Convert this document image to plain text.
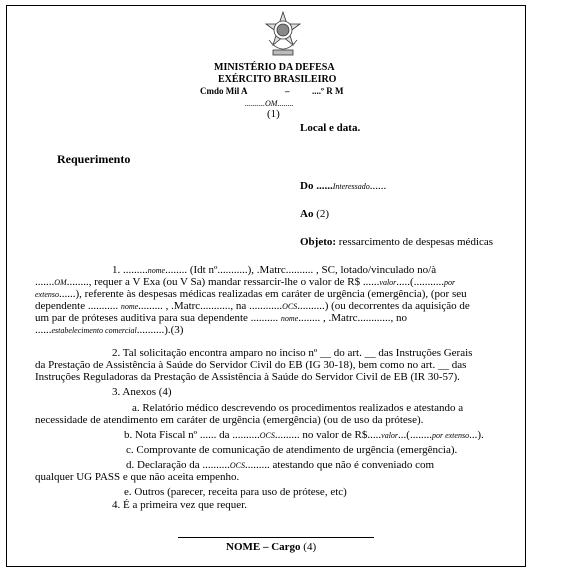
MINISTÉRIO DA DEFESA
EXÉRCITO BRASILEIRO
Cmdo Mil A	–	....º R M
..........OM........
(1)
Local e data.
Requerimento
Do ......Interessado......
Ao (2)
Objeto: ressarcimento de despesas médicas
1. .........nome........ (Idt nº...........), .Matrc.......... , SC, lotado/vinculado no/à
.......OM........, requer a V Exa (ou V Sa) mandar ressarcir-lhe o valor de R$ ......valor.....(...........por
extenso......), referente às despesas médicas realizadas em caráter de urgência (emergência), (por seu
dependente ........... nome......... , .Matrc..........., na ............OCS..........) (ou decorrentes da aquisição de
um par de próteses auditiva para sua dependente .......... nome........ , .Matrc............, no
......estabelecimento comercial..........).(3)
2. Tal solicitação encontra amparo no inciso nº __ do art. __ das Instruções Gerais
da Prestação de Assistência à Saúde do Servidor Civil do EB (IG 30-18), bem como no art. __ das
Instruções Reguladoras da Prestação de Assistência à Saúde do Servidor Civil de EB (IR 30-57).
3. Anexos (4)
a. Relatório médico descrevendo os procedimentos realizados e atestando a
necessidade de atendimento em caráter de urgência (emergência) (ou de uso da prótese).
b. Nota Fiscal nº ...... da ..........OCS......... no valor de R$.....valor...(........por extenso...).
c. Comprovante de comunicação de atendimento de urgência (emergência).
d. Declaração da ..........OCS......... atestando que não é conveniado com
qualquer UG PASS e que não aceita empenho.
e. Outros (parecer, receita para uso de prótese, etc)
4. É a primeira vez que requer.
NOME – Cargo (4)
